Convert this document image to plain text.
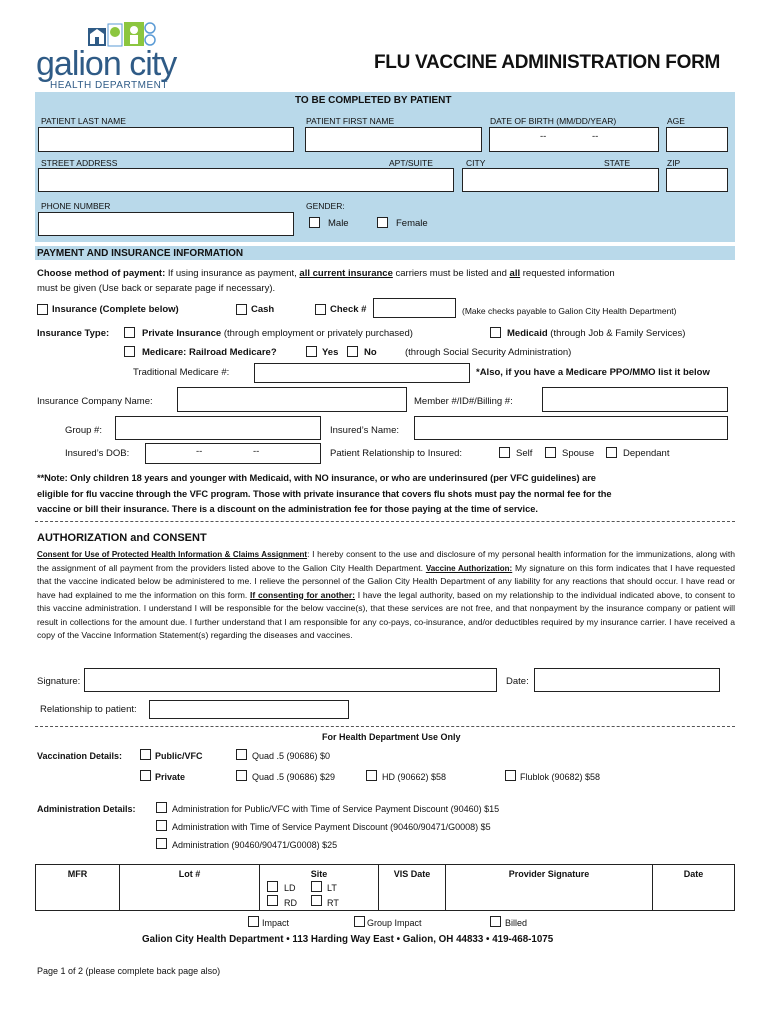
galion city
HEALTH DEPARTMENT
FLU VACCINE ADMINISTRATION FORM
TO BE COMPLETED BY PATIENT
PATIENT LAST NAME	PATIENT FIRST NAME	DATE OF BIRTH (MM/DD/YEAR)
--	--
AGE
STREET ADDRESS	APT/SUITE	CITY	STATE	ZIP
PHONE NUMBER	GENDER:
Male	Female
PAYMENT AND INSURANCE INFORMATION
Choose method of payment: If using insurance as payment, all current insurance carriers must be listed and all requested information
must be given (Use back or separate page if necessary).
Insurance (Complete below)	Cash	Check #	(Make checks payable to Galion City Health Department)
Insurance Type:	Private Insurance (through employment or privately purchased)	Medicaid (through Job & Family Services)
Medicare: Railroad Medicare?	Yes	No	(through Social Security Administration)
Traditional Medicare #:	*Also, if you have a Medicare PPO/MMO list it below
Insurance Company Name:	Member #/ID#/Billing #:
Group #:	Insured’s Name:
Insured’s DOB:	--	--	Patient Relationship to Insured:	Self	Spouse	Dependant
**Note: Only children 18 years and younger with Medicaid, with NO insurance, or who are underinsured (per VFC guidelines) are
eligible for flu vaccine through the VFC program. Those with private insurance that covers flu shots must pay the normal fee for the
vaccine or bill their insurance. There is a discount on the administration fee for those paying at the time of service.
AUTHORIZATION and CONSENT
Consent for Use of Protected Health Information & Claims Assignment: I hereby consent to the use and disclosure of my personal health information for the immunizations, along with the assignment of all payment from the providers listed above to the Galion City Health Department. Vaccine Authorization: My signature on this form indicates that I have requested that the vaccine indicated below be administered to me. I relieve the personnel of the Galion City Health Department of any liability for any reactions that should occur. I have read or have had explained to me the information on this form. If consenting for another: I have the legal authority, based on my relationship to the individual indicated above, to consent to this vaccine administration. I understand I will be responsible for the below vaccine(s), that these services are not free, and that nonpayment by the insurance company or patient will result in collections for the amount due. I further understand that I am responsible for any co-pays, co-insurance, and/or deductibles required by my insurance carrier. I have received a copy of the Vaccine Information Statement(s) regarding the diseases and vaccines.
Signature:	Date:
Relationship to patient:
For Health Department Use Only
Vaccination Details:	Public/VFC	Quad .5 (90686) $0
Private	Quad .5 (90686) $29	HD (90662) $58	Flublok (90682) $58
Administration Details:	Administration for Public/VFC with Time of Service Payment Discount (90460) $15
Administration with Time of Service Payment Discount (90460/90471/G0008) $5
Administration (90460/90471/G0008) $25
MFR	Lot #	Site	VIS Date	Provider Signature	Date
LD	LT
RD	RT
Impact	Group Impact	Billed
Galion City Health Department • 113 Harding Way East • Galion, OH 44833 • 419-468-1075
Page 1 of 2 (please complete back page also)
